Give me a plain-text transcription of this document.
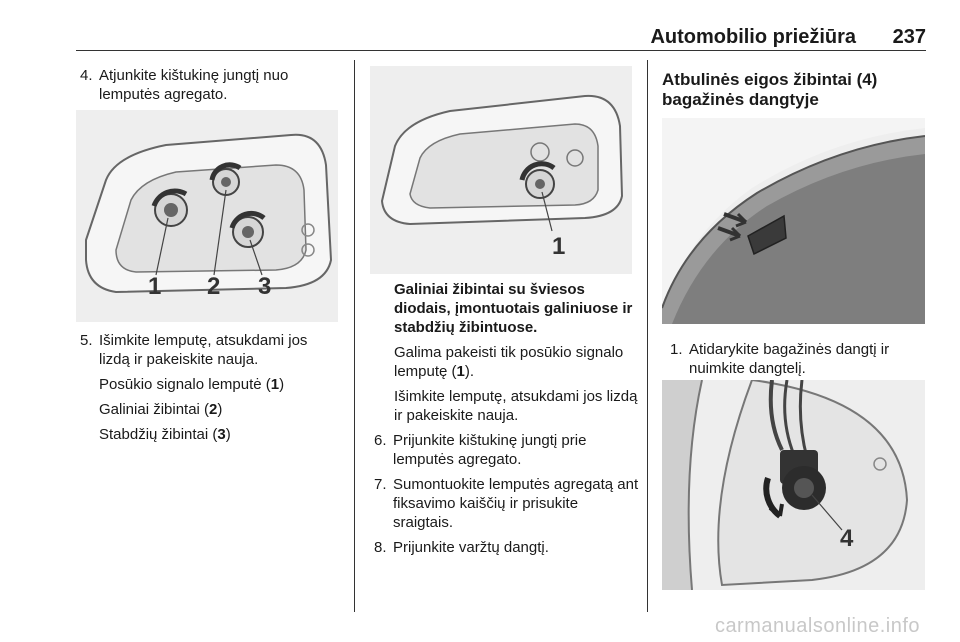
Automobilio priežiūra 237

4. Atjunkite kištukinę jungtį nuo lemputės agregato.

1 2 3

5. Išimkite lemputę, atsukdami jos lizdą ir pakeiskite nauja.

Posūkio signalo lemputė (1)

Galiniai žibintai (2)

Stabdžių žibintai (3)

1

Galiniai žibintai su šviesos diodais, įmontuotais galiniuose ir stabdžių žibintuose.

Galima pakeisti tik posūkio signalo lemputę (1).

Išimkite lemputę, atsukdami jos lizdą ir pakeiskite nauja.

6. Prijunkite kištukinę jungtį prie lemputės agregato.

7. Sumontuokite lemputės agregatą ant fiksavimo kaiščių ir prisukite sraigtais.

8. Prijunkite varžtų dangtį.

Atbulinės eigos žibintai (4) bagažinės dangtyje

1. Atidarykite bagažinės dangtį ir nuimkite dangtelį.

4
carmanualsonline.info
